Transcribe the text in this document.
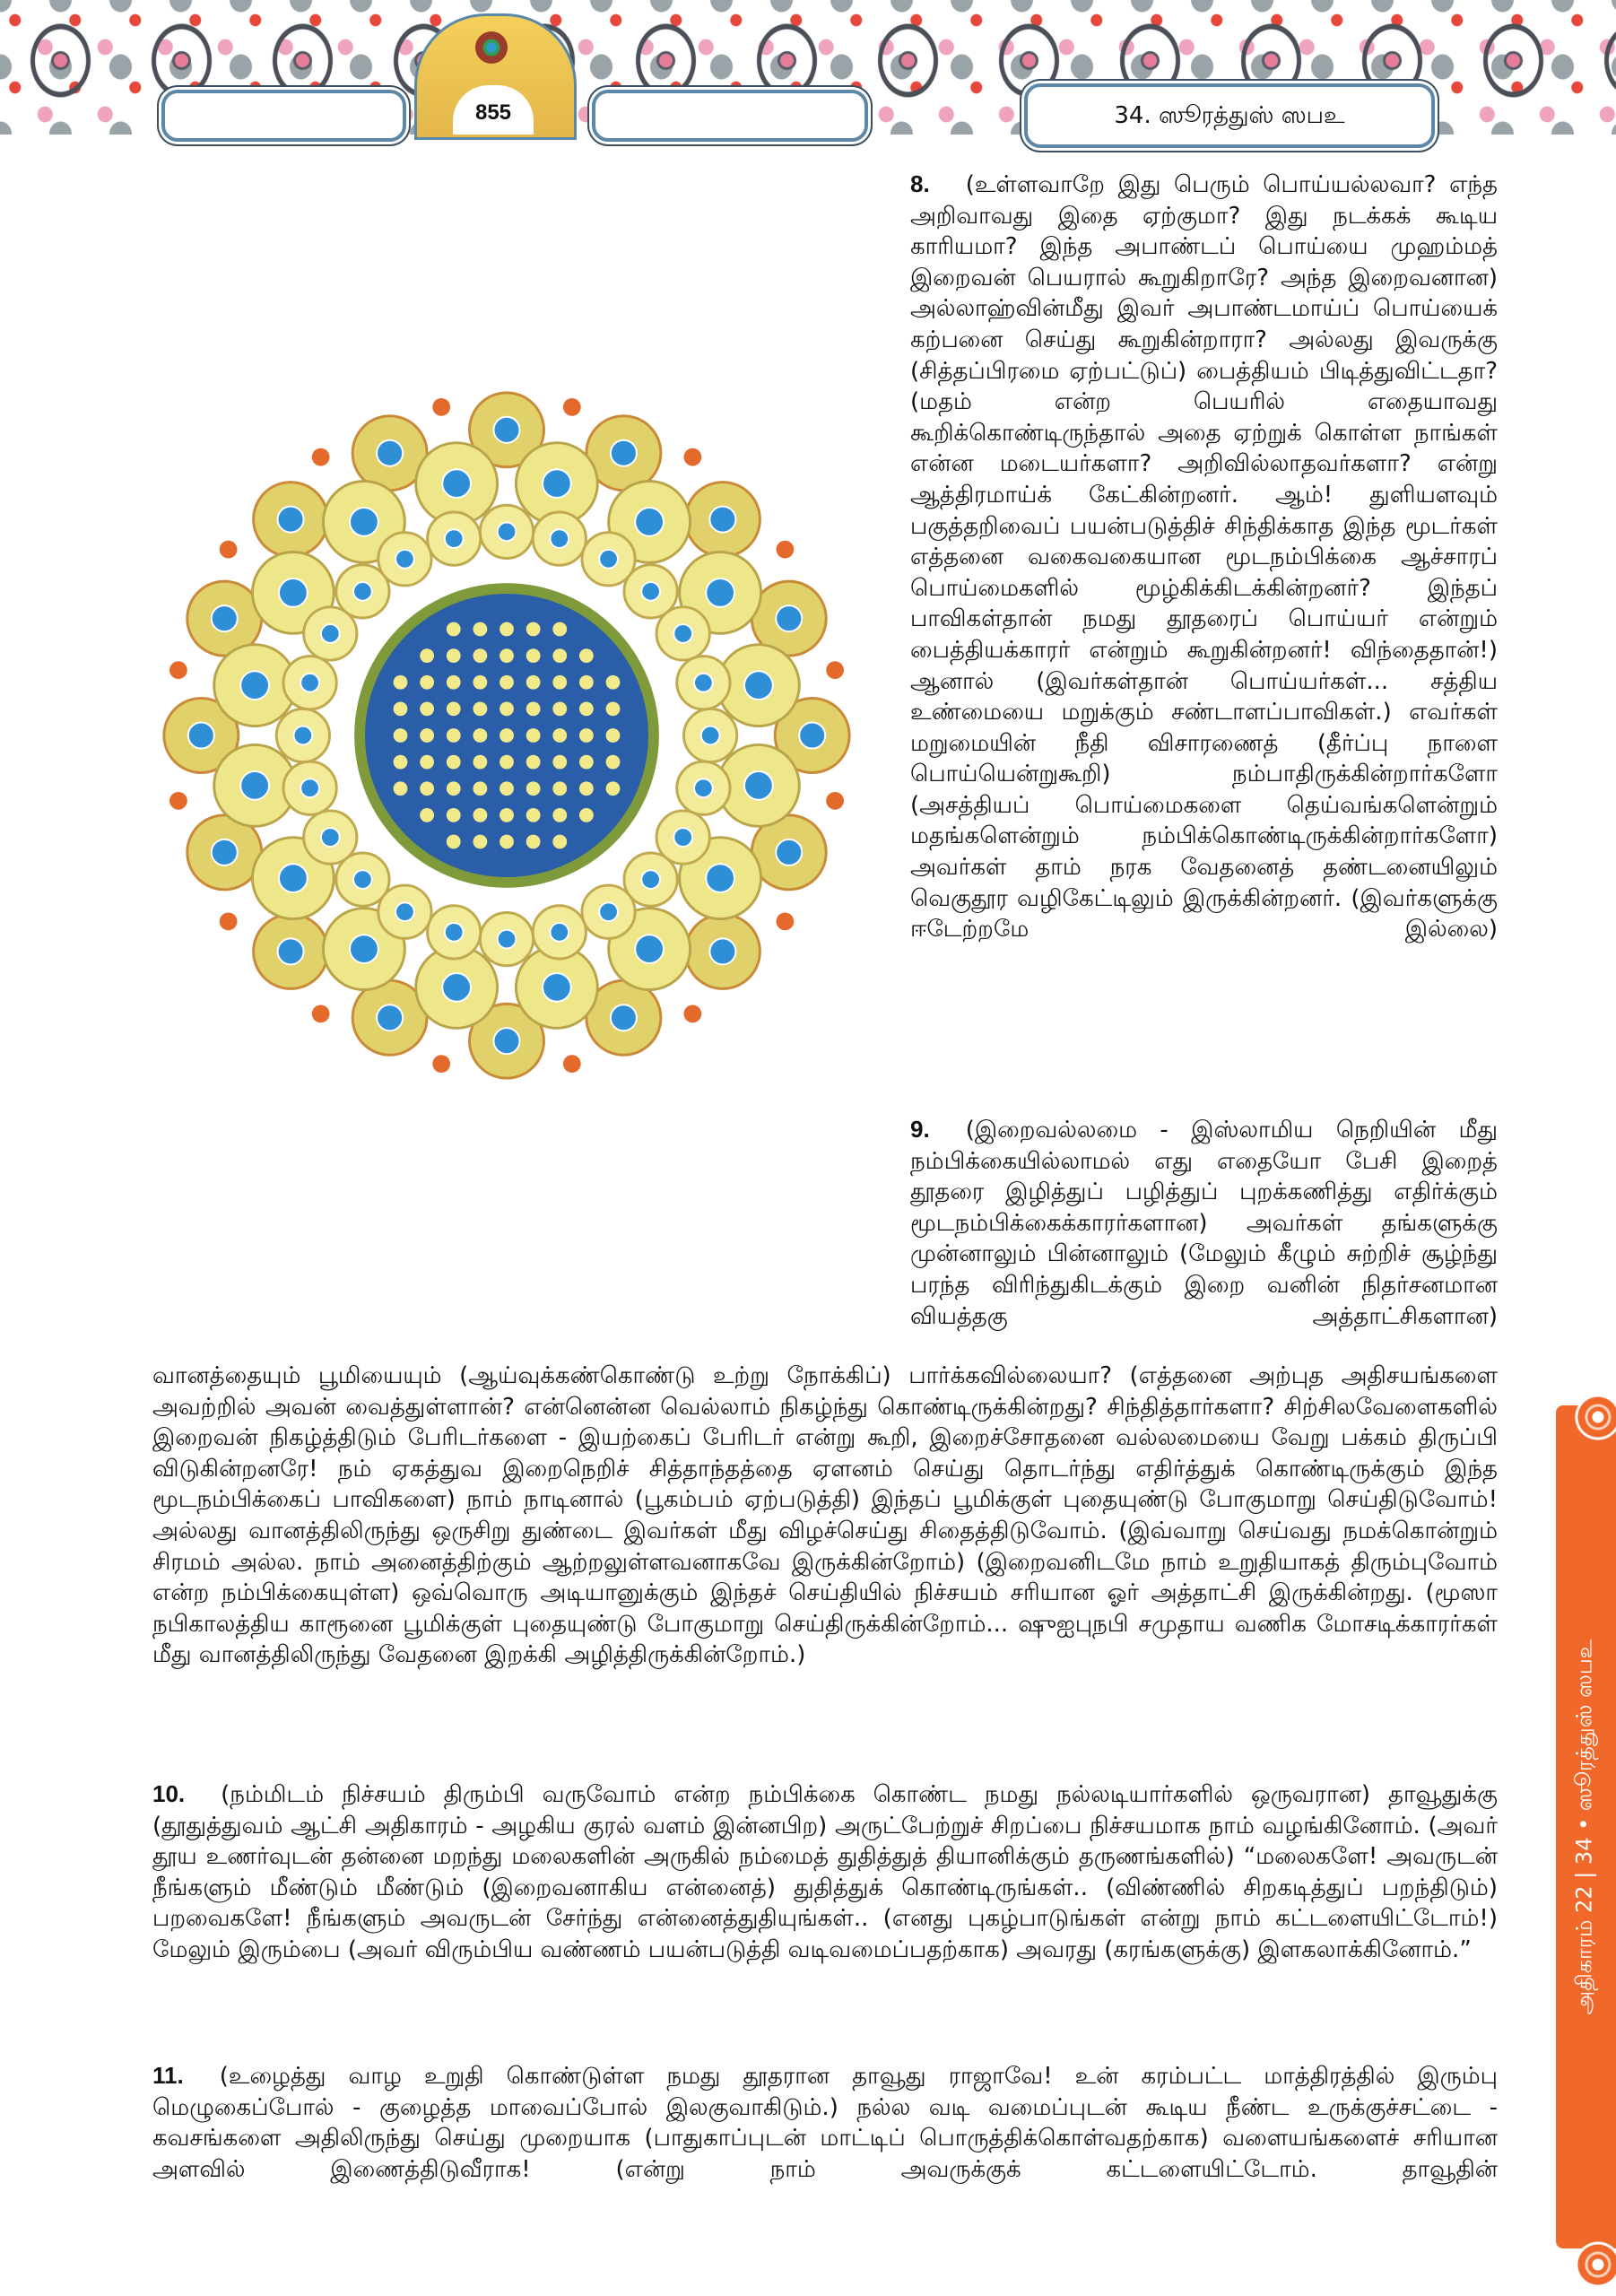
855	34. ஸூரத்துஸ் ஸபஉ
8. (உள்ளவாறே இது பெரும் பொய்யல்லவா? எந்த அறிவாவது இதை ஏற்குமா? இது நடக்கக் கூடிய காரியமா? இந்த அபாண்டப் பொய்யை முஹம்மத் இறைவன் பெயரால் கூறுகிறாரே? அந்த இறைவனான) அல்லாஹ்வின்மீது இவர் அபாண்டமாய்ப் பொய்யைக் கற்பனை செய்து கூறுகின்றாரா? அல்லது இவருக்கு (சித்தப்பிரமை ஏற்பட்டுப்) பைத்தியம் பிடித்துவிட்டதா? (மதம் என்ற பெயரில் எதையாவது கூறிக்கொண்டிருந்தால் அதை ஏற்றுக் கொள்ள நாங்கள் என்ன மடையர்களா? அறிவில்லாதவர்களா? என்று ஆத்திரமாய்க் கேட்கின்றனர். ஆம்! துளியளவும் பகுத்தறிவைப் பயன்படுத்திச் சிந்திக்காத இந்த மூடர்கள் எத்தனை வகைவகையான மூடநம்பிக்கை ஆச்சாரப் பொய்மைகளில் மூழ்கிக்கிடக்கின்றனர்? இந்தப் பாவிகள்தான் நமது தூதரைப் பொய்யர் என்றும் பைத்தியக்காரர் என்றும் கூறுகின்றனர்! விந்தைதான்!) ஆனால் (இவர்கள்தான் பொய்யர்கள்... சத்திய உண்மையை மறுக்கும் சண்டாளப்பாவிகள்.) எவர்கள் மறுமையின் நீதி விசாரணைத் (தீர்ப்பு நாளை பொய்யென்றுகூறி) நம்பாதிருக்கின்றார்களோ (அசத்தியப் பொய்மைகளை தெய்வங்களென்றும் மதங்களென்றும் நம்பிக்கொண்டிருக்கின்றார்களோ) அவர்கள் தாம் நரக வேதனைத் தண்டனையிலும் வெகுதூர வழிகேட்டிலும் இருக்கின்றனர். (இவர்களுக்கு ஈடேற்றமே இல்லை)
9. (இறைவல்லமை - இஸ்லாமிய நெறியின் மீது நம்பிக்கையில்லாமல் எது எதையோ பேசி இறைத் தூதரை இழித்துப் பழித்துப் புறக்கணித்து எதிர்க்கும் மூடநம்பிக்கைக்காரர்களான) அவர்கள் தங்களுக்கு முன்னாலும் பின்னாலும் (மேலும் கீழும் சுற்றிச் சூழ்ந்து பரந்த விரிந்துகிடக்கும் இறை வனின் நிதர்சனமான வியத்தகு அத்தாட்சிகளான)
வானத்தையும் பூமியையும் (ஆய்வுக்கண்கொண்டு உற்று நோக்கிப்) பார்க்கவில்லையா? (எத்தனை அற்புத அதிசயங்களை அவற்றில் அவன் வைத்துள்ளான்? என்னென்ன வெல்லாம் நிகழ்ந்து கொண்டிருக்கின்றது? சிந்தித்தார்களா? சிற்சிலவேளைகளில் இறைவன் நிகழ்த்திடும் பேரிடர்களை - இயற்கைப் பேரிடர் என்று கூறி, இறைச்சோதனை வல்லமையை வேறு பக்கம் திருப்பி விடுகின்றனரே! நம் ஏகத்துவ இறைநெறிச் சித்தாந்தத்தை ஏளனம் செய்து தொடர்ந்து எதிர்த்துக் கொண்டிருக்கும் இந்த மூடநம்பிக்கைப் பாவிகளை) நாம் நாடினால் (பூகம்பம் ஏற்படுத்தி) இந்தப் பூமிக்குள் புதையுண்டு போகுமாறு செய்திடுவோம்! அல்லது வானத்திலிருந்து ஒருசிறு துண்டை இவர்கள் மீது விழச்செய்து சிதைத்திடுவோம். (இவ்வாறு செய்வது நமக்கொன்றும் சிரமம் அல்ல. நாம் அனைத்திற்கும் ஆற்றலுள்ளவனாகவே இருக்கின்றோம்) (இறைவனிடமே நாம் உறுதியாகத் திரும்புவோம் என்ற நம்பிக்கையுள்ள) ஒவ்வொரு அடியானுக்கும் இந்தச் செய்தியில் நிச்சயம் சரியான ஓர் அத்தாட்சி இருக்கின்றது. (மூஸா நபிகாலத்திய காரூனை பூமிக்குள் புதையுண்டு போகுமாறு செய்திருக்கின்றோம்... ஷுஐபுநபி சமுதாய வணிக மோசடிக்காரர்கள் மீது வானத்திலிருந்து வேதனை இறக்கி அழித்திருக்கின்றோம்.)
10. (நம்மிடம் நிச்சயம் திரும்பி வருவோம் என்ற நம்பிக்கை கொண்ட நமது நல்லடியார்களில் ஒருவரான) தாவூதுக்கு (தூதுத்துவம் ஆட்சி அதிகாரம் - அழகிய குரல் வளம் இன்னபிற) அருட்பேற்றுச் சிறப்பை நிச்சயமாக நாம் வழங்கினோம். (அவர் தூய உணர்வுடன் தன்னை மறந்து மலைகளின் அருகில் நம்மைத் துதித்துத் தியானிக்கும் தருணங்களில்) “மலைகளே! அவருடன் நீங்களும் மீண்டும் மீண்டும் (இறைவனாகிய என்னைத்) துதித்துக் கொண்டிருங்கள்.. (விண்ணில் சிறகடித்துப் பறந்திடும்) பறவைகளே! நீங்களும் அவருடன் சேர்ந்து என்னைத்துதியுங்கள்.. (எனது புகழ்பாடுங்கள் என்று நாம் கட்டளையிட்டோம்!) மேலும் இரும்பை (அவர் விரும்பிய வண்ணம் பயன்படுத்தி வடிவமைப்பதற்காக) அவரது (கரங்களுக்கு) இளகலாக்கினோம்.”
11. (உழைத்து வாழ உறுதி கொண்டுள்ள நமது தூதரான தாவூது ராஜாவே! உன் கரம்பட்ட மாத்திரத்தில் இரும்பு மெழுகைப்போல் - குழைத்த மாவைப்போல் இலகுவாகிடும்.) நல்ல வடி வமைப்புடன் கூடிய நீண்ட உருக்குச்சட்டை - கவசங்களை அதிலிருந்து செய்து முறையாக (பாதுகாப்புடன் மாட்டிப் பொருத்திக்கொள்வதற்காக) வளையங்களைச் சரியான அளவில் இணைத்திடுவீராக! (என்று நாம் அவருக்குக் கட்டளையிட்டோம். தாவூதின்
அதிகாரம் 22 | 34 • ஸூரத்துஸ் ஸபஉ
